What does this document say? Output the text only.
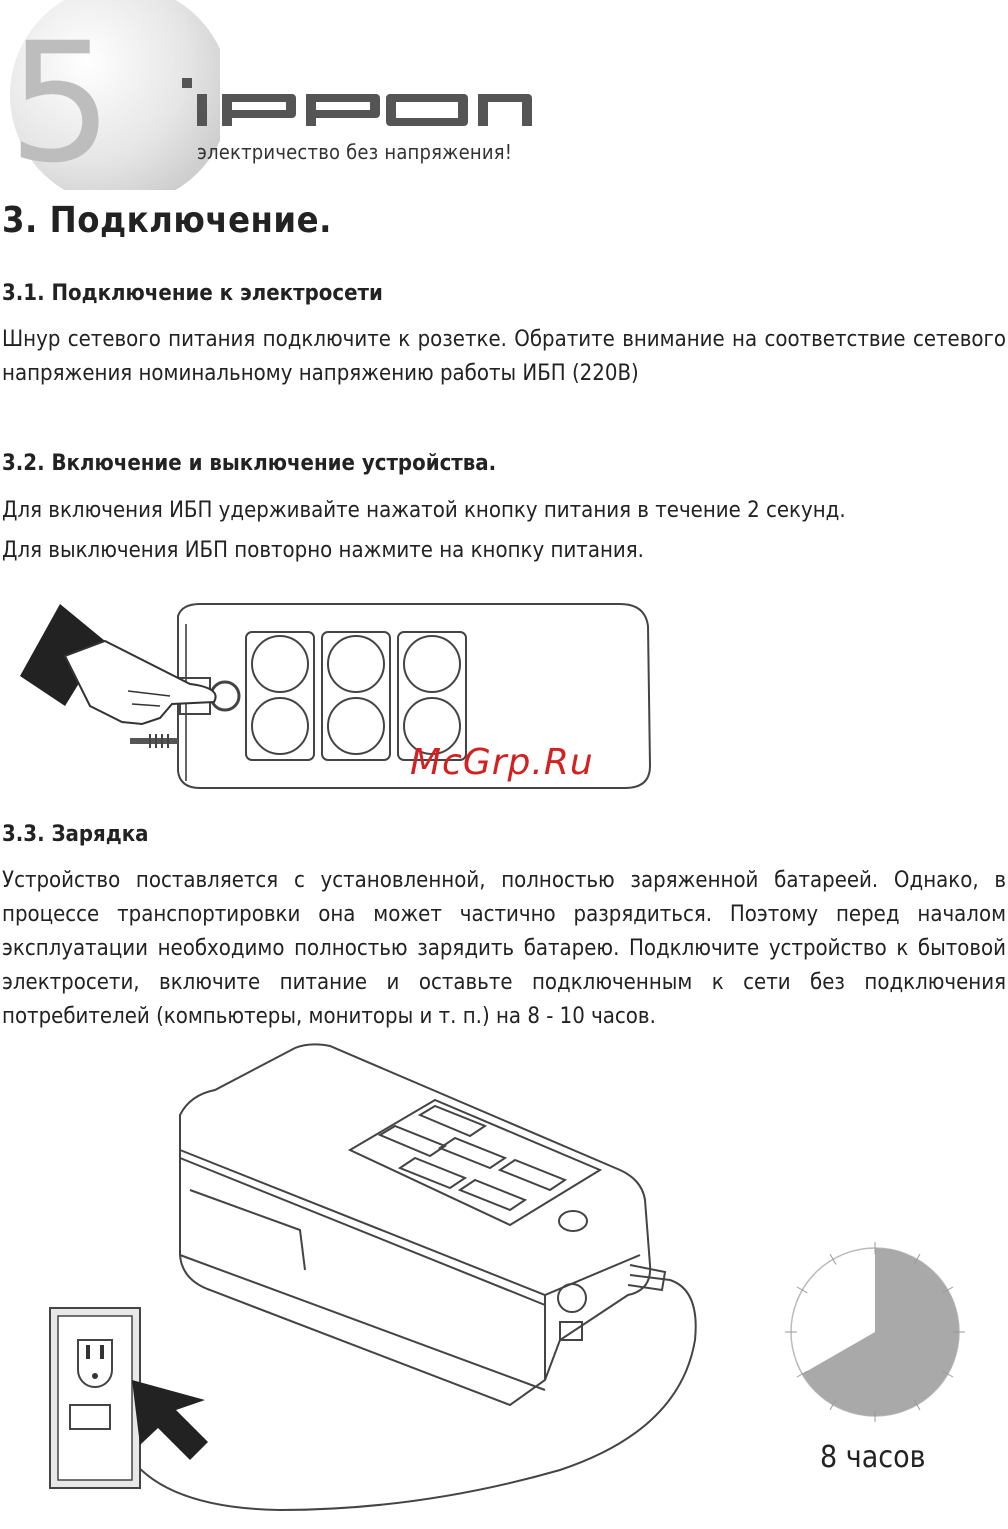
5	электричество без напряжения!
3. Подключение.
3.1. Подключение к электросети

Шнур сетевого питания подключите к розетке. Обратите внимание на соответствие сетевого напряжения номинальному напряжению работы ИБП (220В)

3.2. Включение и выключение устройства.

Для включения ИБП удерживайте нажатой кнопку питания в течение 2 секунд.

Для выключения ИБП повторно нажмите на кнопку питания.

McGrp.Ru
3.3. Зарядка

Устройство поставляется с установленной, полностью заряженной батареей. Однако, в процессе транспортировки она может частично разрядиться. Поэтому перед началом эксплуатации необходимо полностью зарядить батарею. Подключите устройство к бытовой электросети, включите питание и оставьте подключенным к сети без подключения потребителей (компьютеры, мониторы и т. п.) на 8 - 10 часов.

8 часов
